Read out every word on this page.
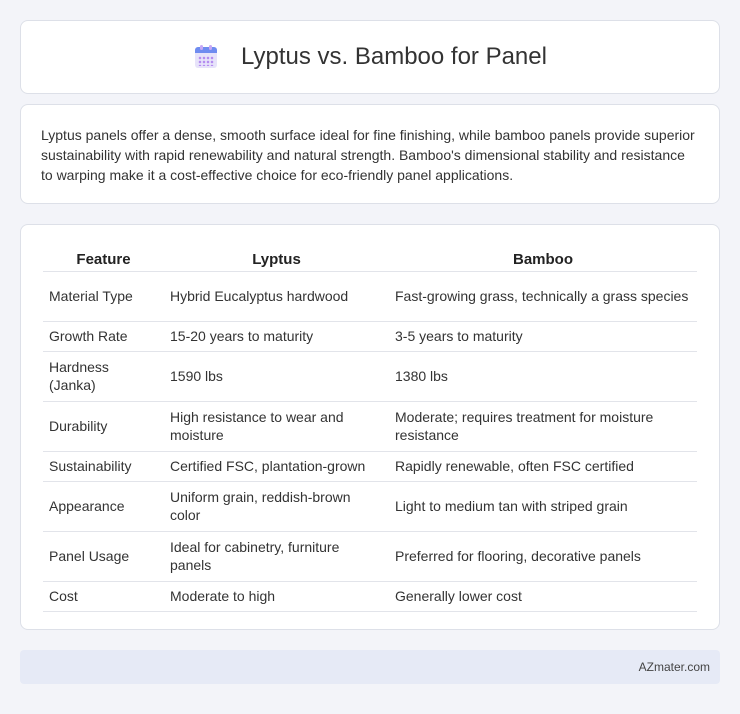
Lyptus vs. Bamboo for Panel

Lyptus panels offer a dense, smooth surface ideal for fine finishing, while bamboo panels provide superior sustainability with rapid renewability and natural strength. Bamboo's dimensional stability and resistance to warping make it a cost-effective choice for eco-friendly panel applications.

Feature	Lyptus	Bamboo
Material Type	Hybrid Eucalyptus hardwood	Fast-growing grass, technically a grass species
Growth Rate	15-20 years to maturity	3-5 years to maturity
Hardness (Janka)	1590 lbs	1380 lbs
Durability	High resistance to wear and moisture	Moderate; requires treatment for moisture resistance
Sustainability	Certified FSC, plantation-grown	Rapidly renewable, often FSC certified
Appearance	Uniform grain, reddish-brown color	Light to medium tan with striped grain
Panel Usage	Ideal for cabinetry, furniture panels	Preferred for flooring, decorative panels
Cost	Moderate to high	Generally lower cost
AZmater.com
